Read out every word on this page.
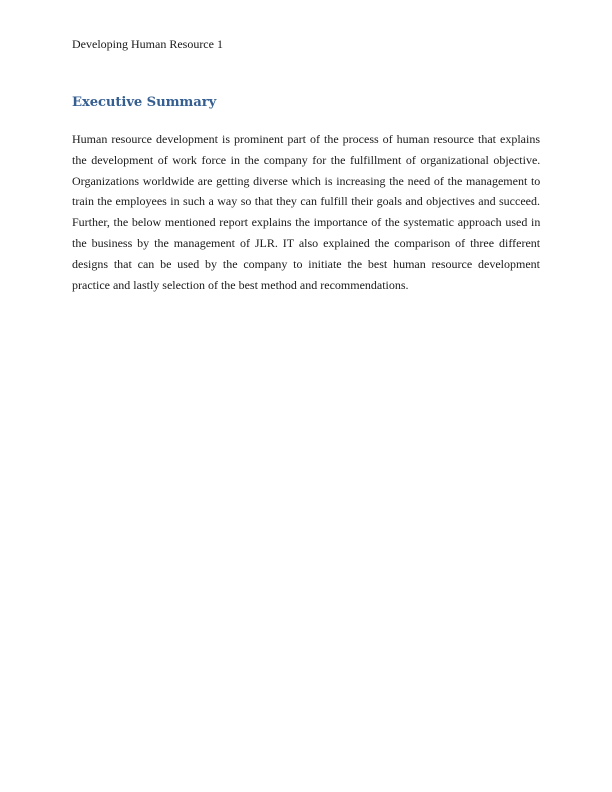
Developing Human Resource 1
Executive Summary
Human resource development is prominent part of the process of human resource that explains
the development of work force in the company for the fulfillment of organizational objective.
Organizations worldwide are getting diverse which is increasing the need of the management to
train the employees in such a way so that they can fulfill their goals and objectives and succeed.
Further, the below mentioned report explains the importance of the systematic approach used in
the business by the management of JLR. IT also explained the comparison of three different
designs that can be used by the company to initiate the best human resource development
practice and lastly selection of the best method and recommendations.
